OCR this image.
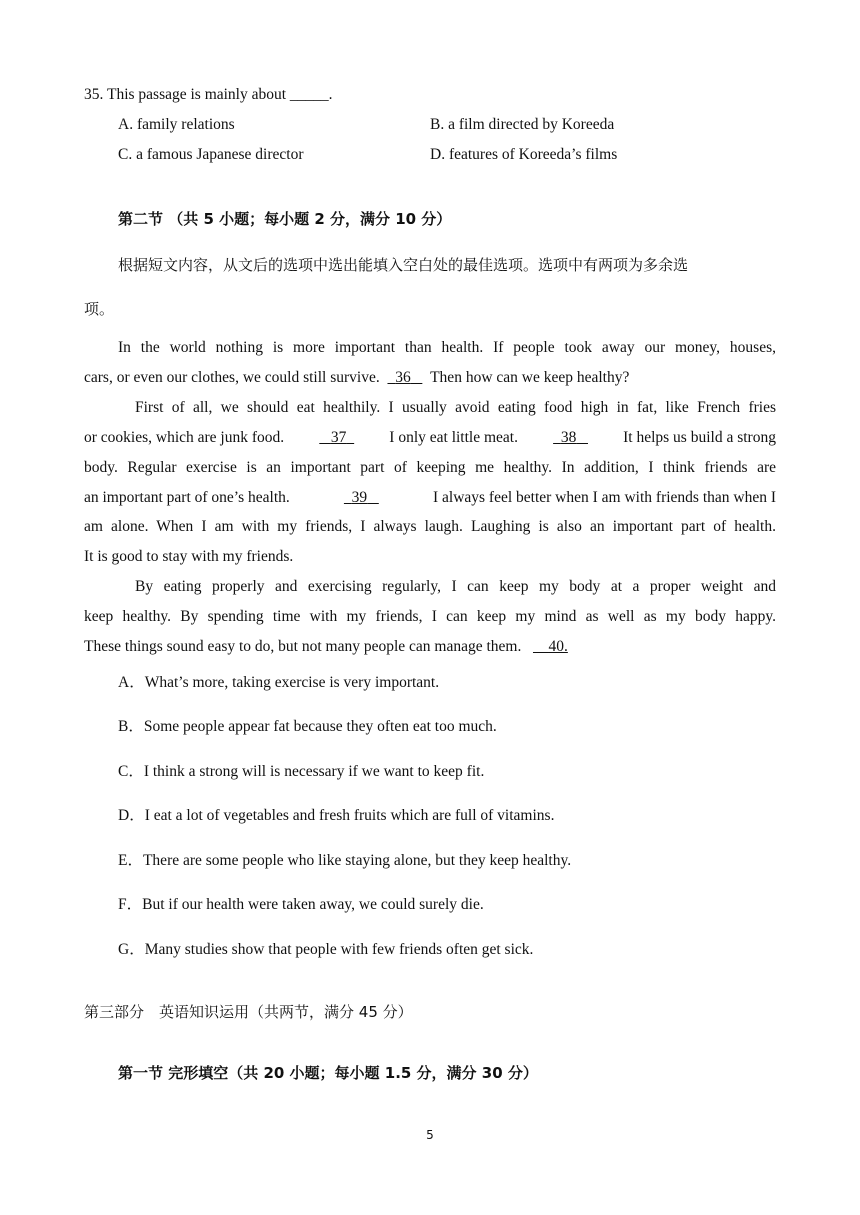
35. This passage is mainly about _____.
A. family relations	B. a film directed by Koreeda
C. a famous Japanese director	D. features of Koreeda’s films
第二节 （共 5 小题；每小题 2 分，满分 10 分）
根据短文内容，从文后的选项中选出能填入空白处的最佳选项。选项中有两项为多余选
项。
In the world nothing is more important than health. If people took away our money, houses,
cars, or even our clothes, we could still survive. 36 Then how can we keep healthy?
First of all, we should eat healthily. I usually avoid eating food high in fat, like French fries
or cookies, which are junk food.	37	I only eat little meat.	38	It helps us build a strong
body. Regular exercise is an important part of keeping me healthy. In addition, I think friends are
an important part of one’s health.	39	I always feel better when I am with friends than when I
am alone. When I am with my friends, I always laugh. Laughing is also an important part of health.
It is good to stay with my friends.
By eating properly and exercising regularly, I can keep my body at a proper weight and
keep healthy. By spending time with my friends, I can keep my mind as well as my body happy.
These things sound easy to do, but not many people can manage them. 40.
A．What’s more, taking exercise is very important.
B．Some people appear fat because they often eat too much.
C．I think a strong will is necessary if we want to keep fit.
D．I eat a lot of vegetables and fresh fruits which are full of vitamins.
E．There are some people who like staying alone, but they keep healthy.
F．But if our health were taken away, we could surely die.
G．Many studies show that people with few friends often get sick.
第三部分　英语知识运用（共两节，满分 45 分）
第一节 完形填空（共 20 小题；每小题 1.5 分，满分 30 分）
5
